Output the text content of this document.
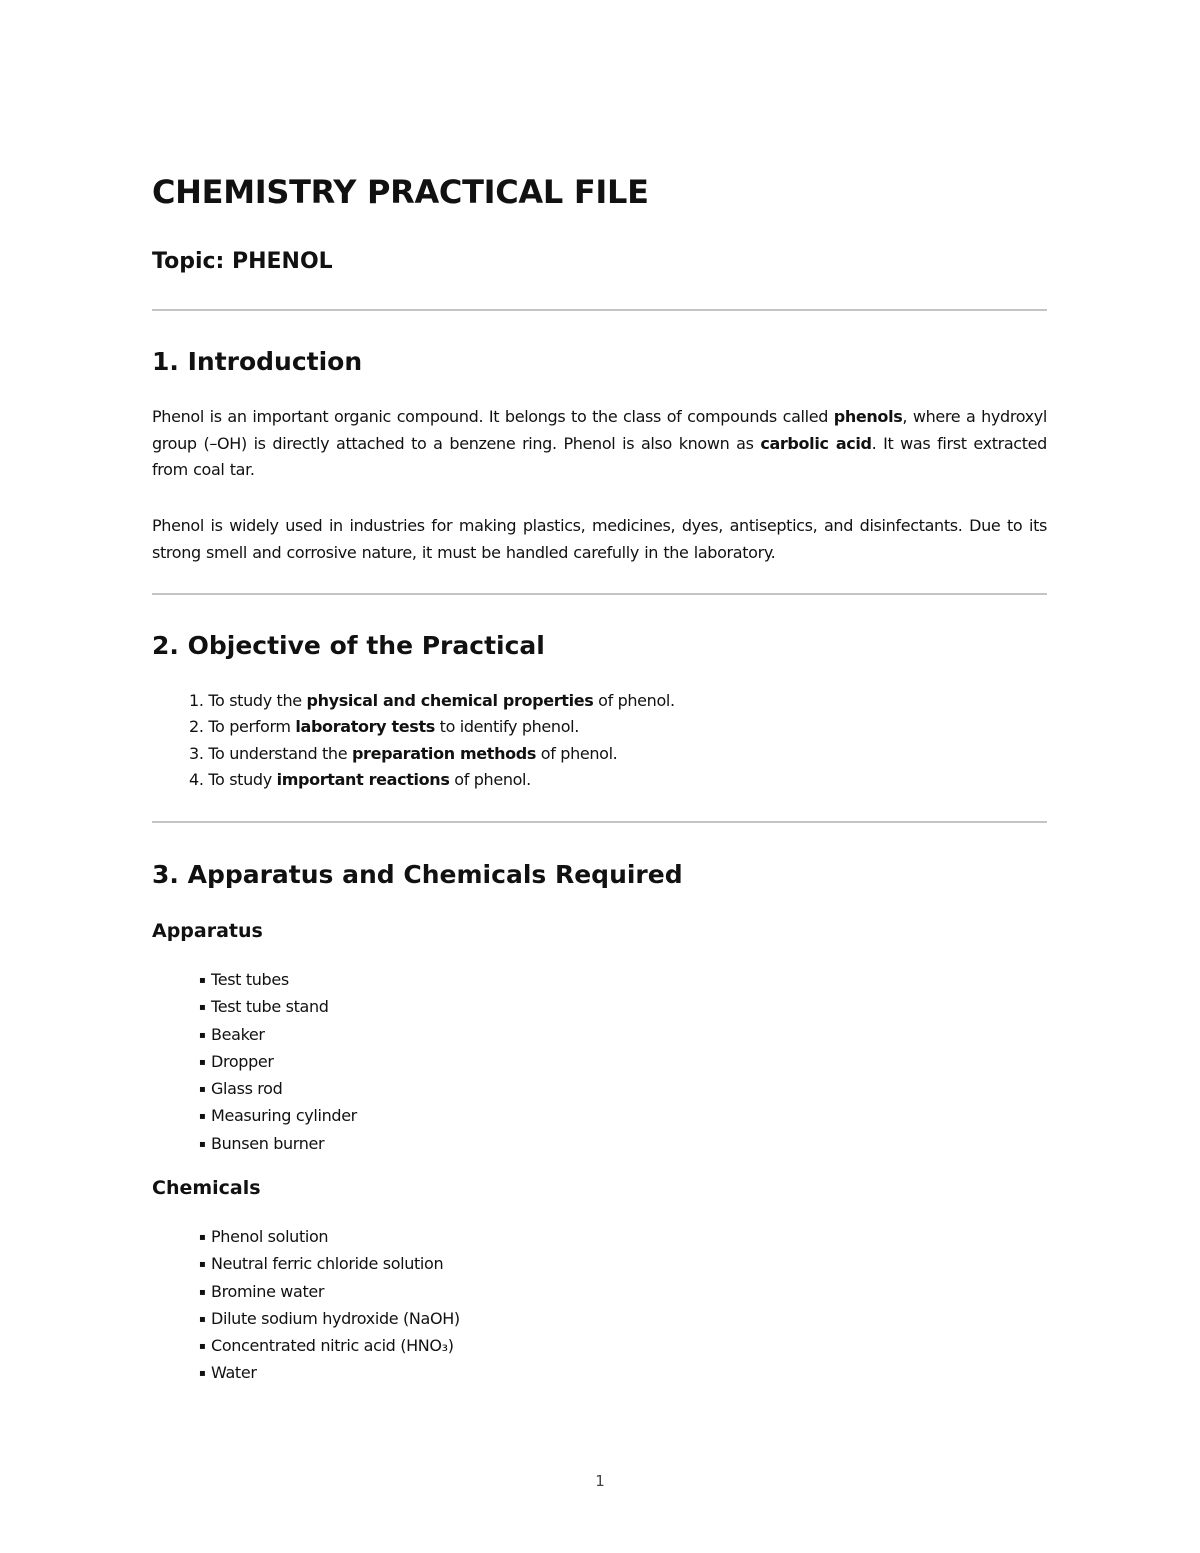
CHEMISTRY PRACTICAL FILE
Topic: PHENOL
1. Introduction

Phenol is an important organic compound. It belongs to the class of compounds called phenols, where a hydroxyl group (–OH) is directly attached to a benzene ring. Phenol is also known as carbolic acid. It was first extracted from coal tar.

Phenol is widely used in industries for making plastics, medicines, dyes, antiseptics, and disinfectants. Due to its strong smell and corrosive nature, it must be handled carefully in the laboratory.

2. Objective of the Practical
1. To study the physical and chemical properties of phenol.
2. To perform laboratory tests to identify phenol.
3. To understand the preparation methods of phenol.
4. To study important reactions of phenol.
3. Apparatus and Chemicals Required
Apparatus
▪ Test tubes
▪ Test tube stand
▪ Beaker
▪ Dropper
▪ Glass rod
▪ Measuring cylinder
▪ Bunsen burner
Chemicals
▪ Phenol solution
▪ Neutral ferric chloride solution
▪ Bromine water
▪ Dilute sodium hydroxide (NaOH)
▪ Concentrated nitric acid (HNO₃)
▪ Water
1
